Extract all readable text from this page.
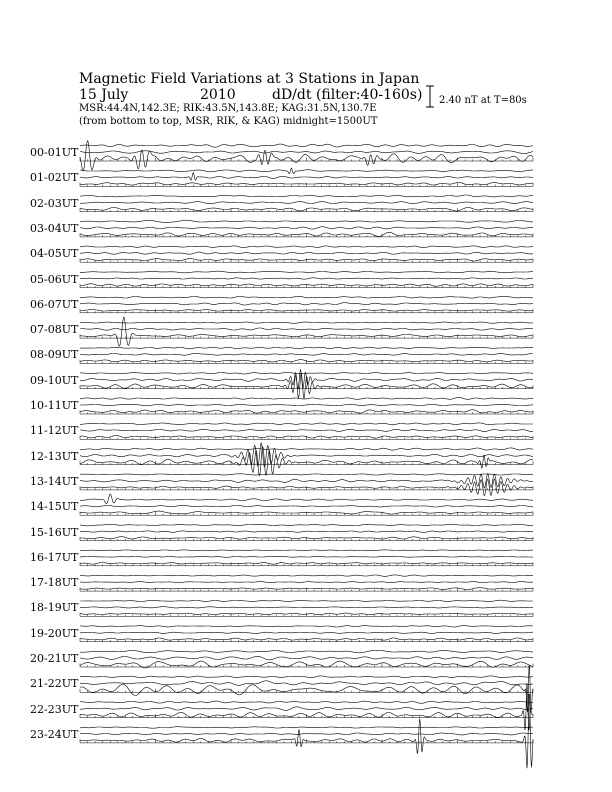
Magnetic Field Variations at 3 Stations in Japan
15 July	2010	dD/dt (filter:40-160s)
MSR:44.4N,142.3E; RIK:43.5N,143.8E; KAG:31.5N,130.7E
(from bottom to top, MSR, RIK, & KAG) midnight=1500UT
2.40 nT at T=80s
00-01UT
01-02UT
02-03UT
03-04UT
04-05UT
05-06UT
06-07UT
07-08UT
08-09UT
09-10UT
10-11UT
11-12UT
12-13UT
13-14UT
14-15UT
15-16UT
16-17UT
17-18UT
18-19UT
19-20UT
20-21UT
21-22UT
22-23UT
23-24UT
